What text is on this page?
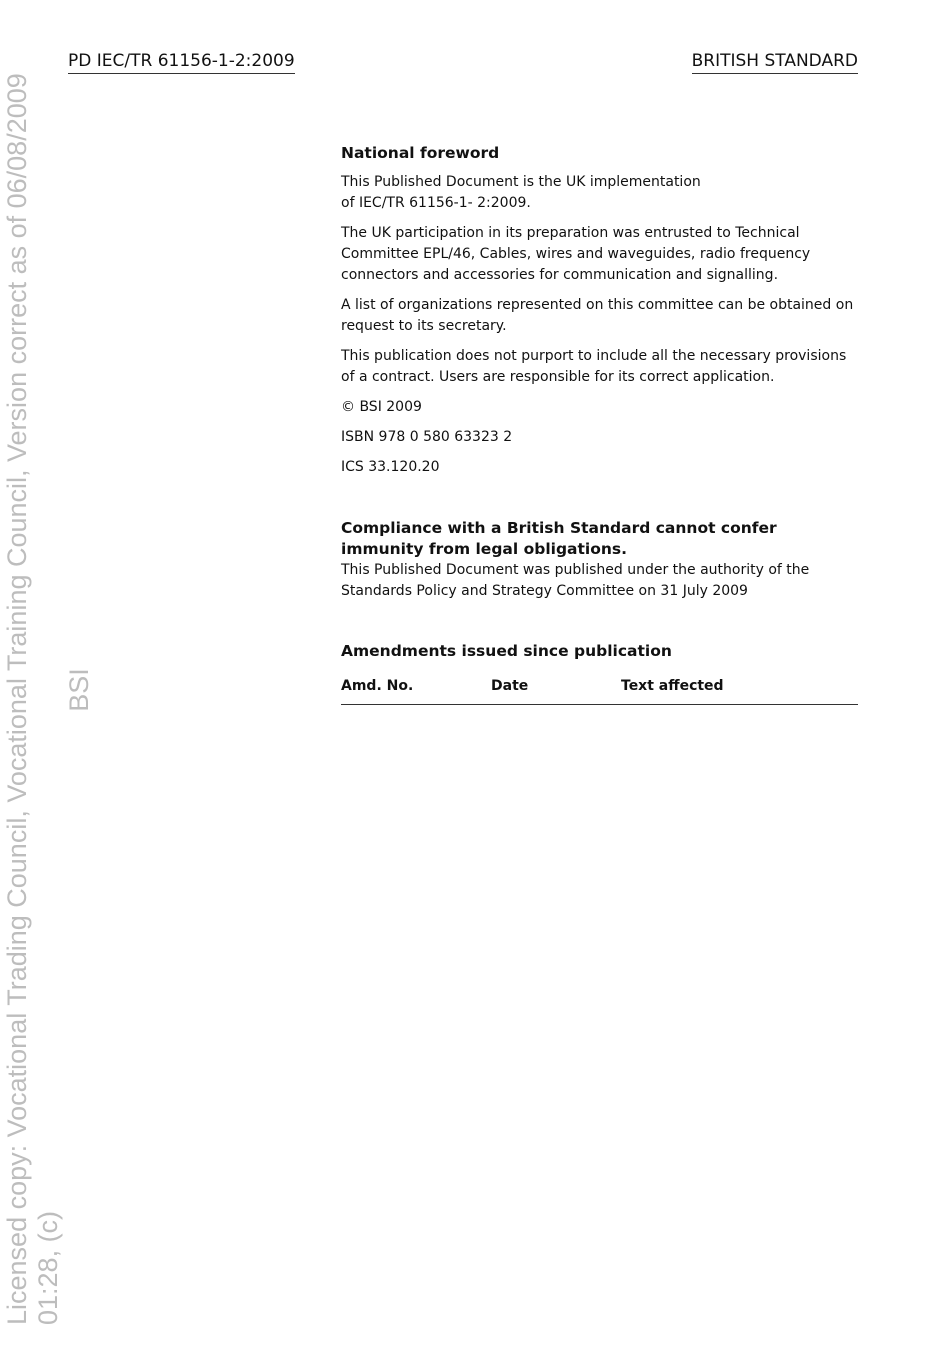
PD IEC/TR 61156-1-2:2009	BRITISH STANDARD
Licensed copy: Vocational Trading Council, Vocational Training Council, Version correct as of 06/08/2009 01:28, (c)
BSI
National foreword

This Published Document is the UK implementation of IEC/TR 61156-1- 2:2009.

The UK participation in its preparation was entrusted to Technical Committee EPL/46, Cables, wires and waveguides, radio frequency connectors and accessories for communication and signalling.

A list of organizations represented on this committee can be obtained on request to its secretary.

This publication does not purport to include all the necessary provisions of a contract. Users are responsible for its correct application.

© BSI 2009

ISBN 978 0 580 63323 2

ICS 33.120.20

Compliance with a British Standard cannot confer immunity from legal obligations.

This Published Document was published under the authority of the Standards Policy and Strategy Committee on 31 July 2009

Amendments issued since publication
Amd. No.	Date	Text affected
